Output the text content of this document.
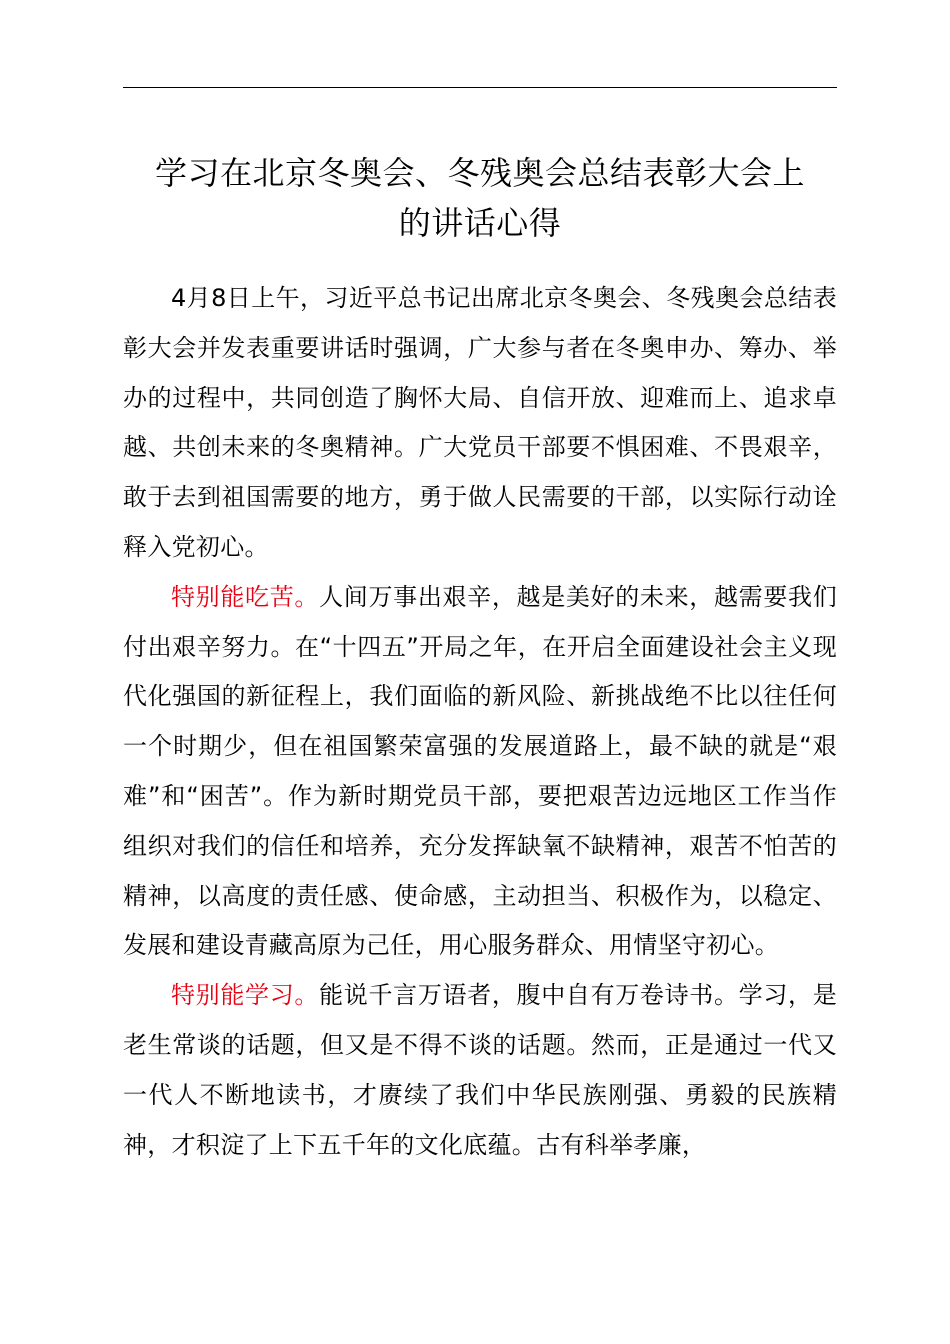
学习在北京冬奥会、冬残奥会总结表彰大会上
的讲话心得

4月8日上午，习近平总书记出席北京冬奥会、冬残奥会总结表彰大会并发表重要讲话时强调，广大参与者在冬奥申办、筹办、举办的过程中，共同创造了胸怀大局、自信开放、迎难而上、追求卓越、共创未来的冬奥精神。广大党员干部要不惧困难、不畏艰辛，敢于去到祖国需要的地方，勇于做人民需要的干部，以实际行动诠释入党初心。

特别能吃苦。人间万事出艰辛，越是美好的未来，越需要我们付出艰辛努力。在“十四五”开局之年，在开启全面建设社会主义现代化强国的新征程上，我们面临的新风险、新挑战绝不比以往任何一个时期少，但在祖国繁荣富强的发展道路上，最不缺的就是“艰难”和“困苦”。作为新时期党员干部，要把艰苦边远地区工作当作组织对我们的信任和培养，充分发挥缺氧不缺精神，艰苦不怕苦的精神，以高度的责任感、使命感，主动担当、积极作为，以稳定、发展和建设青藏高原为己任，用心服务群众、用情坚守初心。

特别能学习。能说千言万语者，腹中自有万卷诗书。学习，是老生常谈的话题，但又是不得不谈的话题。然而，正是通过一代又一代人不断地读书，才赓续了我们中华民族刚强、勇毅的民族精神，才积淀了上下五千年的文化底蕴。古有科举孝廉，
